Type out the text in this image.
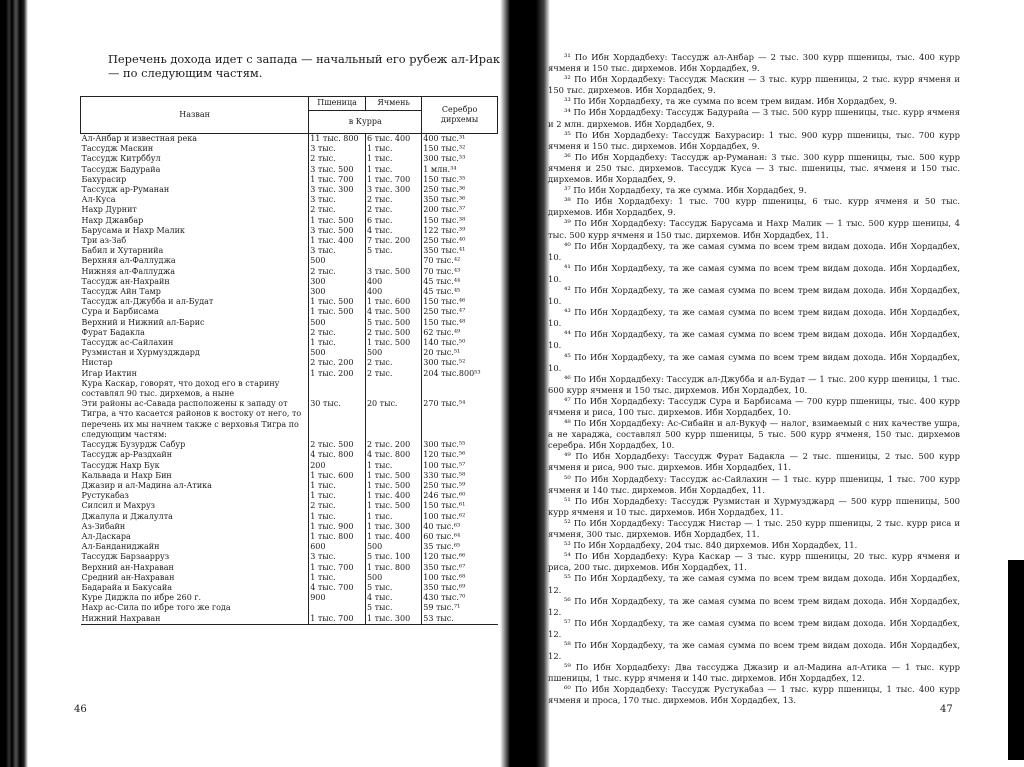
Перечень дохода идет с запада — начальный его рубеж ал-Ирак — по следующим частям.
Назван	Пшеница	Ячмень	Серебро дирхемы
	в Курра		
Ал-Анбар и известная река	11 тыс. 800	6 тыс. 400	400 тыс.³¹
Тассудж Маскин	3 тыс.	1 тыс.	150 тыс.³²
Тассудж Китрббул	2 тыс.	1 тыс.	300 тыс.³³
Тассудж Бадурайа	3 тыс. 500	1 тыс.	1 млн.³⁴
Бахурасир	1 тыс. 700	1 тыс. 700	150 тыс.³⁵
Тассудж ар-Руманан	3 тыс. 300	3 тыс. 300	250 тыс.³⁶
Ал-Куса	3 тыс.	2 тыс.	350 тыс.³⁶
Нахр Дурнит	2 тыс.	2 тыс.	200 тыс.³⁷
Нахр Джавбар	1 тыс. 500	6 тыс.	150 тыс.³⁸
Барусама и Нахр Малик	3 тыс. 500	4 тыс.	122 тыс.³⁹
Три аз-Заб	1 тыс. 400	7 тыс. 200	250 тыс.⁴⁰
Бабил и Хутарнийа	3 тыс.	5 тыс.	350 тыс.⁴¹
Верхняя ал-Фаллуджа	500		70 тыс.⁴²
Нижняя ал-Фаллуджа	2 тыс.	3 тыс. 500	70 тыс.⁴³
Тассудж ан-Нахрайн	300	400	45 тыс.⁴⁴
Тассудж Айн Тамр	300	400	45 тыс.⁴⁵
Тассудж ал-Джубба и ал-Будат	1 тыс. 500	1 тыс. 600	150 тыс.⁴⁶
Сура и Барбисама	1 тыс. 500	4 тыс. 500	250 тыс.⁴⁷
Верхний и Нижний ал-Барис	500	5 тыс. 500	150 тыс.⁴⁸
Фурат Бадакла	2 тыс.	2 тыс. 500	62 тыс.⁴⁹
Тассудж ас-Сайлахин	1 тыс.	1 тыс. 500	140 тыс.⁵⁰
Рузмистан и Хурмуздждард	500	500	20 тыс.⁵¹
Нистар	2 тыс. 200	2 тыс.	300 тыс.⁵²
Игар Йактин	1 тыс. 200	2 тыс.	204 тыс.800⁵³
Кура Каскар, говорят, что доход его в старину составлял 90 тыс. дирхемов, а ныне			
Эти районы ас-Савада расположены к западу от Тигра, а что касается районов к востоку от него, то перечень их мы начнем также с верховья Тигра по следующим частям:	30 тыс.	20 тыс.	270 тыс.⁵⁴
Тассудж Бузурдж Сабур	2 тыс. 500	2 тыс. 200	300 тыс.⁵⁵
Тассудж ар-Раздхайн	4 тыс. 800	4 тыс. 800	120 тыс.⁵⁶
Тассудж Нахр Бук	200	1 тыс.	100 тыс.⁵⁷
Кальвада и Нахр Бин	1 тыс. 600	1 тыс. 500	330 тыс.⁵⁸
Джазир и ал-Мадина ал-Атика	1 тыс.	1 тыс. 500	250 тыс.⁵⁹
Рустукабаз	1 тыс.	1 тыс. 400	246 тыс.⁶⁰
Силсил и Махруз	2 тыс.	1 тыс. 500	150 тыс.⁶¹
Джалула и Джалулта	1 тыс.	1 тыс.	100 тыс.⁶²
Аз-Зибайн	1 тыс. 900	1 тыс. 300	40 тыс.⁶³
Ал-Даскара	1 тыс. 800	1 тыс. 400	60 тыс.⁶⁴
Ал-Банданиджайн	600	500	35 тыс.⁶⁵
Тассудж Барзаарруз	3 тыс.	5 тыс. 100	120 тыс.⁶⁶
Верхний ан-Нахраван	1 тыс. 700	1 тыс. 800	350 тыс.⁶⁷
Средний ан-Нахраван	1 тыс.	500	100 тыс.⁶⁸
Бадарайа и Бакусайа	4 тыс. 700	5 тыс.	350 тыс.⁶⁹
Куре Диджла по ибре 260 г.	900	4 тыс.	430 тыс.⁷⁰
Нахр ас-Сила по ибре того же года		5 тыс.	59 тыс.⁷¹
Нижний Нахраван	1 тыс. 700	1 тыс. 300	53 тыс.
46

³¹ По Ибн Хордадбеху: Тассудж ал-Анбар — 2 тыс. 300 курр пшеницы, тыс. 400 курр ячменя и 150 тыс. дирхемов. Ибн Хордадбех, 9.

³² По Ибн Хордадбеху: Тассудж Маскин — 3 тыс. курр пшеницы, 2 тыс. курр ячменя и 150 тыс. дирхемов. Ибн Хордадбех, 9.

³³ По Ибн Хордадбеху, та же сумма по всем трем видам. Ибн Хордадбех, 9.

³⁴ По Ибн Хордадбеху: Тассудж Бадурайа — 3 тыс. 500 курр пшеницы, тыс. курр ячменя и 2 млн. дирхемов. Ибн Хордадбех, 9.

³⁵ По Ибн Хордадбеху: Тассудж Бахурасир: 1 тыс. 900 курр пшеницы, тыс. 700 курр ячменя и 150 тыс. дирхемов. Ибн Хордадбех, 9.

³⁶ По Ибн Хордадбеху: Тассудж ар-Руманан: 3 тыс. 300 курр пшеницы, тыс. 500 курр ячменя и 250 тыс. дирхемов. Тассудж Куса — 3 тыс. пшеницы, тыс. ячменя и 150 тыс. дирхемов. Ибн Хордадбех, 9.

³⁷ По Ибн Хордадбеху, та же сумма. Ибн Хордадбех, 9.

³⁸ По Ибн Хордадбеху: 1 тыс. 700 курр пшеницы, 6 тыс. курр ячменя и 50 тыс. дирхемов. Ибн Хордадбех, 9.

³⁹ По Ибн Хордадбеху: Тассудж Барусама и Нахр Малик — 1 тыс. 500 курр шеницы, 4 тыс. 500 курр ячменя и 150 тыс. дирхемов. Ибн Хордадбех, 11.

⁴⁰ По Ибн Хордадбеху, та же самая сумма по всем трем видам дохода. Ибн Хордадбех, 10.

⁴¹ По Ибн Хордадбеху, та же самая сумма по всем трем видам дохода. Ибн Хордадбех, 10.

⁴² По Ибн Хордадбеху, та же самая сумма по всем трем видам дохода. Ибн Хордадбех, 10.

⁴³ По Ибн Хордадбеху, та же самая сумма по всем трем видам дохода. Ибн Хордадбех, 10.

⁴⁴ По Ибн Хордадбеху, та же самая сумма по всем трем видам дохода. Ибн Хордадбех, 10.

⁴⁵ По Ибн Хордадбеху, та же самая сумма по всем трем видам дохода. Ибн Хордадбех, 10.

⁴⁶ По Ибн Хордадбеху: Тассудж ал-Джубба и ал-Будат — 1 тыс. 200 курр шеницы, 1 тыс. 600 курр ячменя и 150 тыс. дирхемов. Ибн Хордадбех, 10.

⁴⁷ По Ибн Хордадбеху: Тассудж Сура и Барбисама — 700 курр пшеницы, тыс. 400 курр ячменя и риса, 100 тыс. дирхемов. Ибн Хордадбех, 10.

⁴⁸ По Ибн Хордадбеху: Ас-Сибайн и ал-Вукуф — налог, взимаемый с них качестве ушра, а не хараджа, составлял 500 курр пшеницы, 5 тыс. 500 курр ячменя, 150 тыс. дирхемов серебра. Ибн Хордадбех, 10.

⁴⁹ По Ибн Хордадбеху: Тассудж Фурат Бадакла — 2 тыс. пшеницы, 2 тыс. 500 курр ячменя и риса, 900 тыс. дирхемов. Ибн Хордадбех, 11.

⁵⁰ По Ибн Хордадбеху: Тассудж ас-Сайлахин — 1 тыс. курр пшеницы, 1 тыс. 700 курр ячменя и 140 тыс. дирхемов. Ибн Хордадбех, 11.

⁵¹ По Ибн Хордадбеху: Тассудж Рузмистан и Хурмузджард — 500 курр пшеницы, 500 курр ячменя и 10 тыс. дирхемов. Ибн Хордадбех, 11.

⁵² По Ибн Хордадбеху: Тассудж Нистар — 1 тыс. 250 курр пшеницы, 2 тыс. курр риса и ячменя, 300 тыс. дирхемов. Ибн Хордадбех, 11.

⁵³ По Ибн Хордадбеху, 204 тыс. 840 дирхемов. Ибн Хордадбех, 11.

⁵⁴ По Ибн Хордадбеху: Кура Каскар — 3 тыс. курр пшеницы, 20 тыс. курр ячменя и риса, 200 тыс. дирхемов. Ибн Хордадбех, 11.

⁵⁵ По Ибн Хордадбеху, та же самая сумма по всем трем видам дохода. Ибн Хордадбех, 12.

⁵⁶ По Ибн Хордадбеху, та же самая сумма по всем трем видам дохода. Ибн Хордадбех, 12.

⁵⁷ По Ибн Хордадбеху, та же самая сумма по всем трем видам дохода. Ибн Хордадбех, 12.

⁵⁸ По Ибн Хордадбеху, та же самая сумма по всем трем видам дохода. Ибн Хордадбех, 12.

⁵⁹ По Ибн Хордадбеху: Два тассуджа Джазир и ал-Мадина ал-Атика — 1 тыс. курр пшеницы, 1 тыс. курр ячменя и 140 тыс. дирхемов. Ибн Хордадбех, 12.

⁶⁰ По Ибн Хордадбеху: Тассудж Рустукабаз — 1 тыс. курр пшеницы, 1 тыс. 400 курр ячменя и проса, 170 тыс. дирхемов. Ибн Хордадбех, 13.

47
